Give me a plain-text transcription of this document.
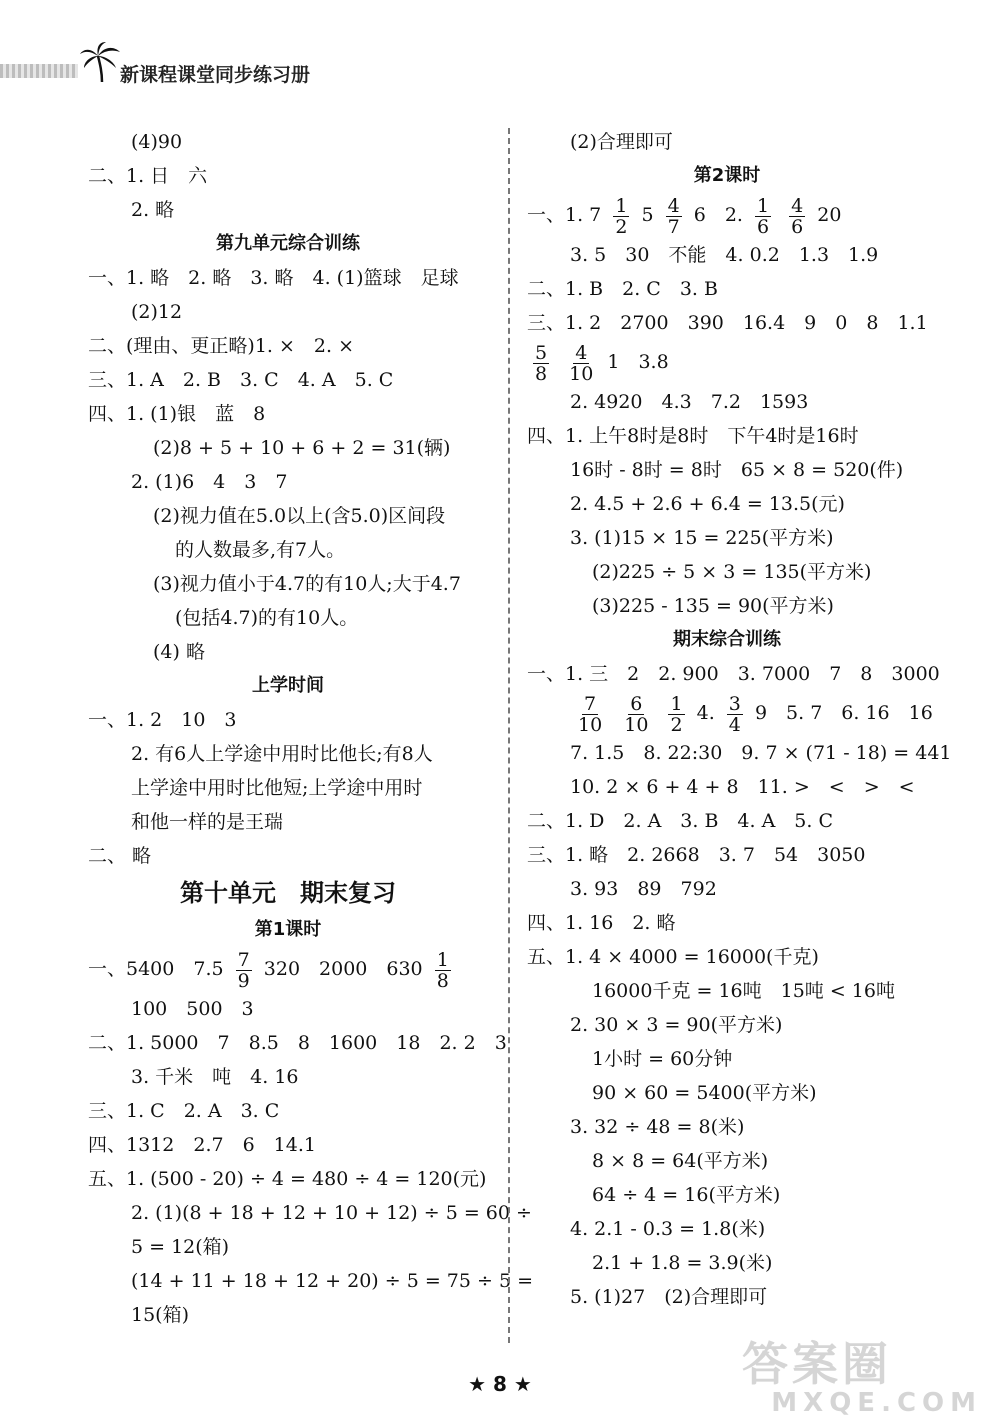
新课程课堂同步练习册
(4)90
二、1. 日　六
2. 略
第九单元综合训练
一、1. 略　2. 略　3. 略　4. (1)篮球　足球
(2)12
二、(理由、更正略)1. ×　2. ×
三、1. A　2. B　3. C　4. A　5. C
四、1. (1)银　蓝　8
(2)8 + 5 + 10 + 6 + 2 = 31(辆)
2. (1)6　4　3　7
(2)视力值在5.0以上(含5.0)区间段
的人数最多,有7人。
(3)视力值小于4.7的有10人;大于4.7
(包括4.7)的有10人。
(4) 略
上学时间
一、1. 2　10　3
2. 有6人上学途中用时比他长;有8人
上学途中用时比他短;上学途中用时
和他一样的是王瑞
二、 略
第十单元　期末复习
第1课时
一、5400　$7.5 \frac{7}{9} 320$　2000　$630 \frac{1}{8}$
100　500　3
二、1. 5000　7　8.5　8　1600　18　2. 2　3
3. 千米　吨　4. 16
三、1. C　2. A　3. C
四、1312　2.7　6　14.1
五、1. (500 - 20) ÷ 4 = 480 ÷ 4 = 120(元)
2. (1)(8 + 18 + 12 + 10 + 12) ÷ 5 = 60 ÷
5 = 12(箱)
(14 + 11 + 18 + 12 + 20) ÷ 5 = 75 ÷ 5 =
15(箱)
(2)合理即可
第2课时
一、1. $7 \frac{1}{2} 5 \frac{4}{7} 6$　2. $\frac{1}{6}$
$\frac{4}{6} 20$
3. 5　30　不能　4. 0.2　1.3　1.9
二、1. B　2. C　3. B
三、1. 2　2700　390　16.4　9　0　8　1.1
$\frac{5}{8}$
$\frac{4}{10} 1$　3.8
2. 4920　4.3　7.2　1593
四、1. 上午8时是8时　下午4时是16时
16时 - 8时 = 8时　65 × 8 = 520(件)
2. 4.5 + 2.6 + 6.4 = 13.5(元)
3. (1)15 × 15 = 225(平方米)
(2)225 ÷ 5 × 3 = 135(平方米)
(3)225 - 135 = 90(平方米)
期末综合训练
一、1. 三　2　2. 900　3. 7000　7　8　3000
$\frac{7}{10}$
$\frac{6}{10}$
$\frac{1}{2} 4$. $\frac{3}{4} 9$　5. 7　6. 16　16
7. 1.5　8. 22:30　9. 7 × (71 - 18) = 441
10. 2 × 6 + 4 + 8　11. >　<　>　<
二、1. D　2. A　3. B　4. A　5. C
三、1. 略　2. 2668　3. 7　54　3050
3. 93　89　792
四、1. 16　2. 略
五、1. 4 × 4000 = 16000(千克)
16000千克 = 16吨　15吨 < 16吨
2. 30 × 3 = 90(平方米)
1小时 = 60分钟
90 × 60 = 5400(平方米)
3. 32 ÷ 48 = 8(米)
8 × 8 = 64(平方米)
64 ÷ 4 = 16(平方米)
4. 2.1 - 0.3 = 1.8(米)
2.1 + 1.8 = 3.9(米)
5. (1)27　(2)合理即可
★ 8 ★	答案圈
MXQE.COM
